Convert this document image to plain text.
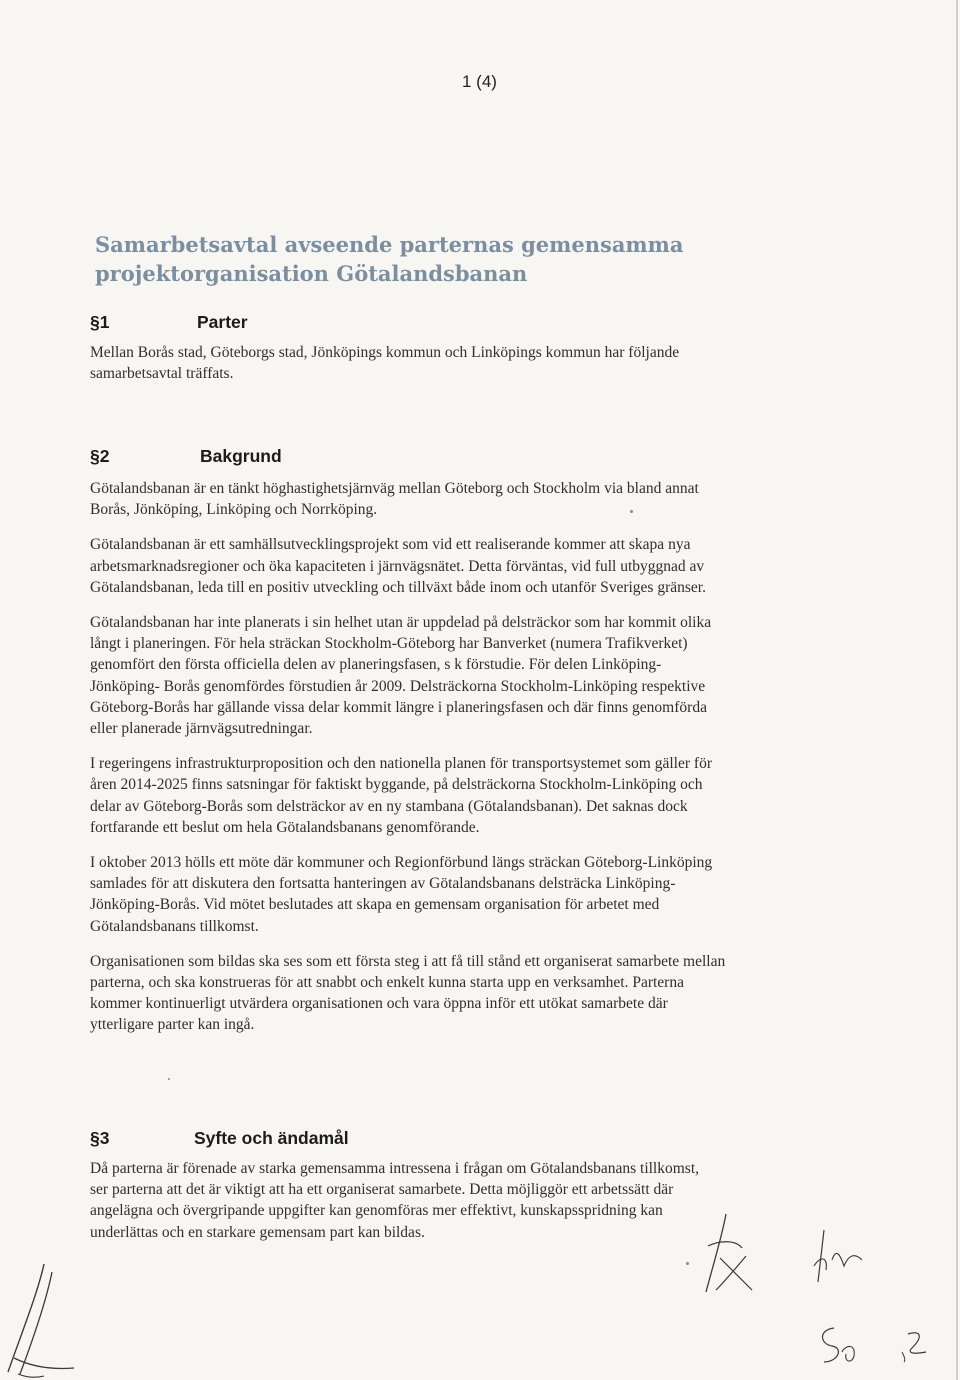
1 (4)
Samarbetsavtal avseende parternas gemensamma projektorganisation Götalandsbanan
§1	Parter

Mellan Borås stad, Göteborgs stad, Jönköpings kommun och Linköpings kommun har följande samarbetsavtal träffats.

§2	Bakgrund

Götalandsbanan är en tänkt höghastighetsjärnväg mellan Göteborg och Stockholm via bland annat Borås, Jönköping, Linköping och Norrköping.

Götalandsbanan är ett samhällsutvecklingsprojekt som vid ett realiserande kommer att skapa nya arbetsmarknadsregioner och öka kapaciteten i järnvägsnätet. Detta förväntas, vid full utbyggnad av Götalandsbanan, leda till en positiv utveckling och tillväxt både inom och utanför Sveriges gränser.

Götalandsbanan har inte planerats i sin helhet utan är uppdelad på delsträckor som har kommit olika långt i planeringen. För hela sträckan Stockholm-Göteborg har Banverket (numera Trafikverket) genomfört den första officiella delen av planeringsfasen, s k förstudie. För delen Linköping-Jönköping- Borås genomfördes förstudien år 2009. Delsträckorna Stockholm-Linköping respektive Göteborg-Borås har gällande vissa delar kommit längre i planeringsfasen och där finns genomförda eller planerade järnvägsutredningar.

I regeringens infrastrukturproposition och den nationella planen för transportsystemet som gäller för åren 2014-2025 finns satsningar för faktiskt byggande, på delsträckorna Stockholm-Linköping och delar av Göteborg-Borås som delsträckor av en ny stambana (Götalandsbanan). Det saknas dock fortfarande ett beslut om hela Götalandsbanans genomförande.

I oktober 2013 hölls ett möte där kommuner och Regionförbund längs sträckan Göteborg-Linköping samlades för att diskutera den fortsatta hanteringen av Götalandsbanans delsträcka Linköping-Jönköping-Borås. Vid mötet beslutades att skapa en gemensam organisation för arbetet med Götalandsbanans tillkomst.

Organisationen som bildas ska ses som ett första steg i att få till stånd ett organiserat samarbete mellan parterna, och ska konstrueras för att snabbt och enkelt kunna starta upp en verksamhet. Parterna kommer kontinuerligt utvärdera organisationen och vara öppna inför ett utökat samarbete där ytterligare parter kan ingå.

§3	Syfte och ändamål

Då parterna är förenade av starka gemensamma intressena i frågan om Götalandsbanans tillkomst, ser parterna att det är viktigt att ha ett organiserat samarbete. Detta möjliggör ett arbetssätt där angelägna och övergripande uppgifter kan genomföras mer effektivt, kunskapsspridning kan underlättas och en starkare gemensam part kan bildas.
